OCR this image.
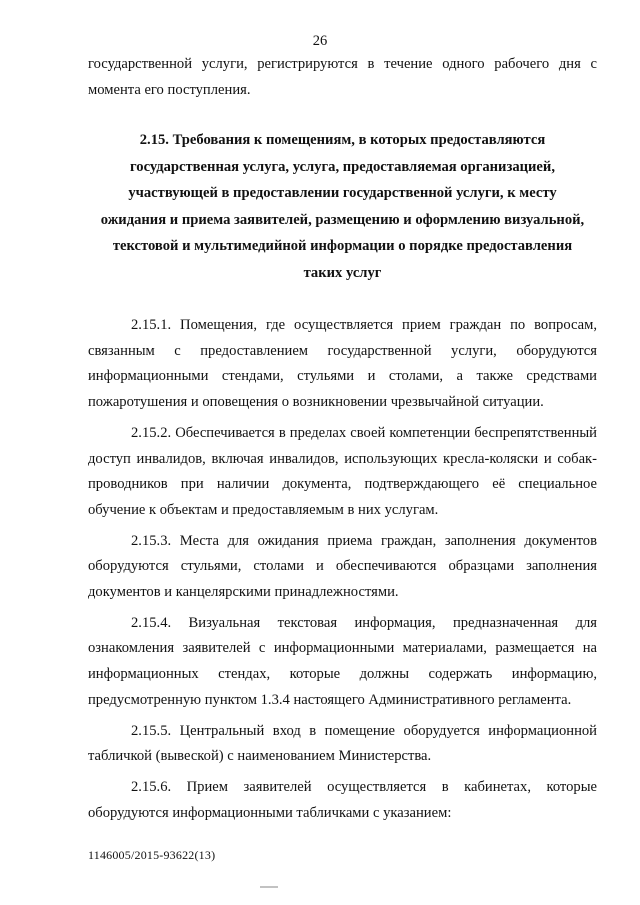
26

государственной услуги, регистрируются в течение одного рабочего дня с момента его поступления.

2.15. Требования к помещениям, в которых предоставляются государственная услуга, услуга, предоставляемая организацией, участвующей в предоставлении государственной услуги, к месту ожидания и приема заявителей, размещению и оформлению визуальной, текстовой и мультимедийной информации о порядке предоставления таких услуг

2.15.1. Помещения, где осуществляется прием граждан по вопросам, связанным с предоставлением государственной услуги, оборудуются информационными стендами, стульями и столами, а также средствами пожаротушения и оповещения о возникновении чрезвычайной ситуации.

2.15.2. Обеспечивается в пределах своей компетенции беспрепятственный доступ инвалидов, включая инвалидов, использующих кресла-коляски и собак-проводников при наличии документа, подтверждающего её специальное обучение к объектам и предоставляемым в них услугам.

2.15.3. Места для ожидания приема граждан, заполнения документов оборудуются стульями, столами и обеспечиваются образцами заполнения документов и канцелярскими принадлежностями.

2.15.4. Визуальная текстовая информация, предназначенная для ознакомления заявителей с информационными материалами, размещается на информационных стендах, которые должны содержать информацию, предусмотренную пунктом 1.3.4 настоящего Административного регламента.

2.15.5. Центральный вход в помещение оборудуется информационной табличкой (вывеской) с наименованием Министерства.

2.15.6. Прием заявителей осуществляется в кабинетах, которые оборудуются информационными табличками с указанием:

1146005/2015-93622(13)
